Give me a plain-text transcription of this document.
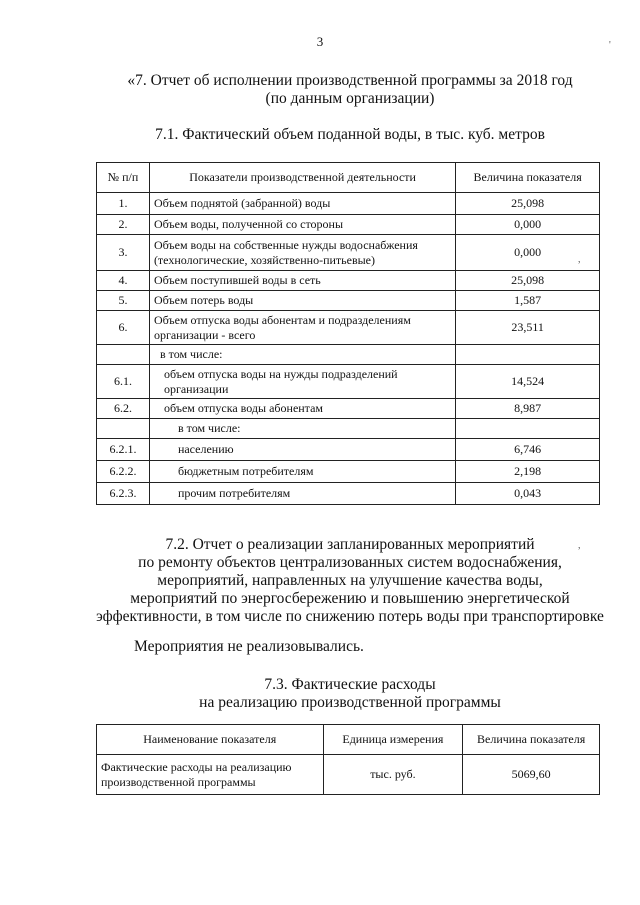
3
«7. Отчет об исполнении производственной программы за 2018 год
(по данным организации)
7.1. Фактический объем поданной воды, в тыс. куб. метров
№ п/п	Показатели производственной деятельности	Величина показателя
1.	Объем поднятой (забранной) воды	25,098
2.	Объем воды, полученной со стороны	0,000
3.	Объем воды на собственные нужды водоснабжения (технологические, хозяйственно-питьевые)	0,000
4.	Объем поступившей воды в сеть	25,098
5.	Объем потерь воды	1,587
6.	Объем отпуска воды абонентам и подразделениям организации - всего	23,511
	в том числе:	
6.1.	объем отпуска воды на нужды подразделений организации	14,524
6.2.	объем отпуска воды абонентам	8,987
	в том числе:	
6.2.1.	населению	6,746
6.2.2.	бюджетным потребителям	2,198
6.2.3.	прочим потребителям	0,043
7.2. Отчет о реализации запланированных мероприятий
по ремонту объектов централизованных систем водоснабжения,
мероприятий, направленных на улучшение качества воды,
мероприятий по энергосбережению и повышению энергетической
эффективности, в том числе по снижению потерь воды при транспортировке
Мероприятия не реализовывались.
7.3. Фактические расходы
на реализацию производственной программы
Наименование показателя	Единица измерения	Величина показателя
Фактические расходы на реализацию производственной программы	тыс. руб.	5069,60
'
,
,
